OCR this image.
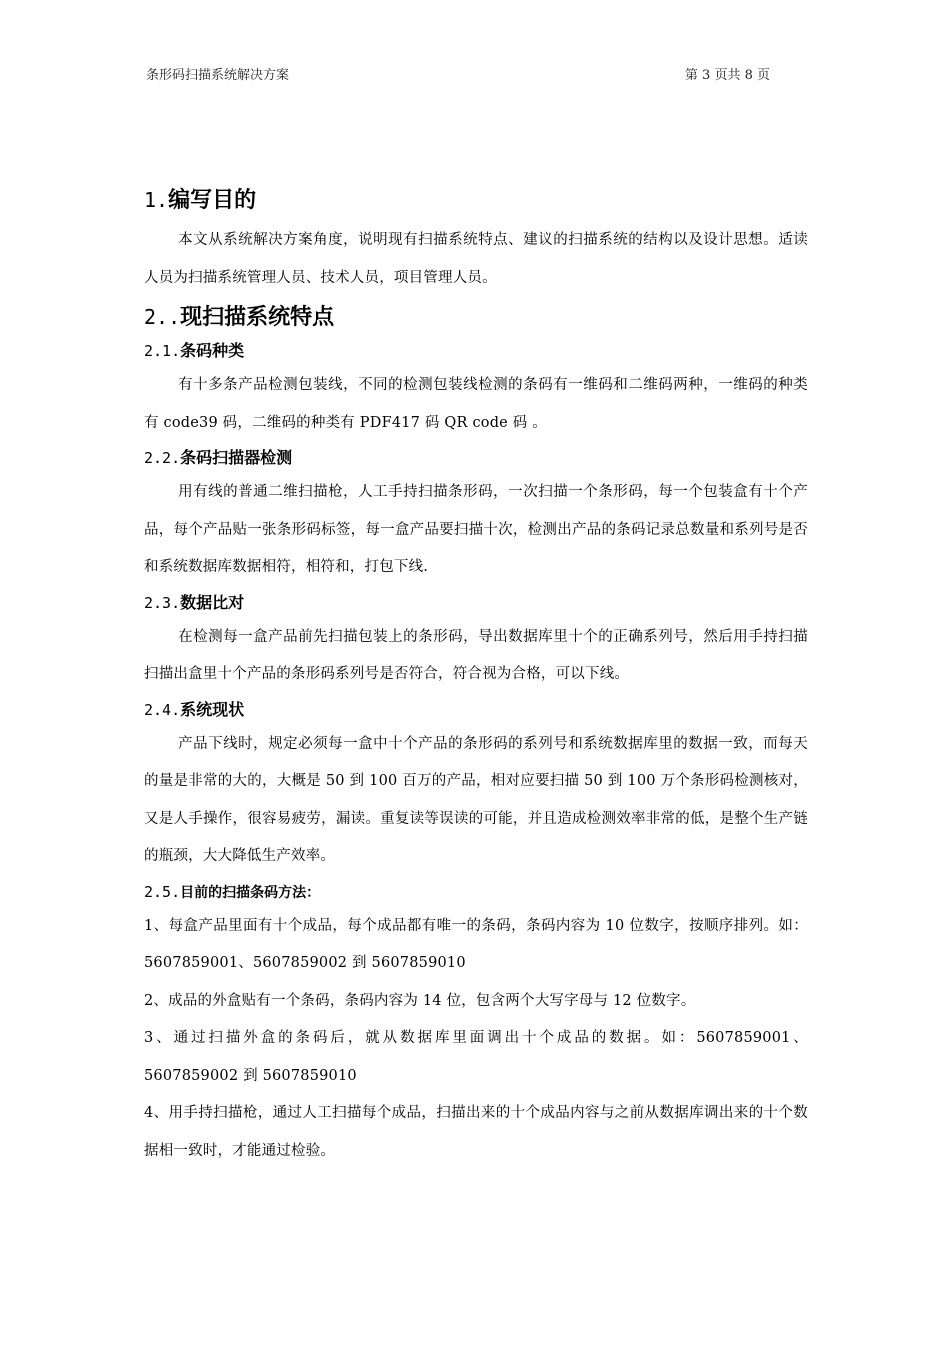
条形码扫描系统解决方案	第 3 页共 8 页
1.编写目的

本文从系统解决方案角度，说明现有扫描系统特点、建议的扫描系统的结构以及设计思想。适读人员为扫描系统管理人员、技术人员，项目管理人员。

2..现扫描系统特点
2.1.条码种类

有十多条产品检测包装线，不同的检测包装线检测的条码有一维码和二维码两种，一维码的种类有 code39 码，二维码的种类有 PDF417 码 QR code 码 。

2.2.条码扫描器检测

用有线的普通二维扫描枪，人工手持扫描条形码，一次扫描一个条形码，每一个包装盒有十个产品，每个产品贴一张条形码标签，每一盒产品要扫描十次，检测出产品的条码记录总数量和系列号是否和系统数据库数据相符，相符和，打包下线.

2.3.数据比对

在检测每一盒产品前先扫描包装上的条形码，导出数据库里十个的正确系列号，然后用手持扫描扫描出盒里十个产品的条形码系列号是否符合，符合视为合格，可以下线。

2.4.系统现状

产品下线时，规定必须每一盒中十个产品的条形码的系列号和系统数据库里的数据一致，而每天的量是非常的大的，大概是 50 到 100 百万的产品，相对应要扫描 50 到 100 万个条形码检测核对，又是人手操作，很容易疲劳，漏读。重复读等误读的可能，并且造成检测效率非常的低，是整个生产链的瓶颈，大大降低生产效率。

2.5.目前的扫描条码方法：

1、每盒产品里面有十个成品，每个成品都有唯一的条码，条码内容为 10 位数字，按顺序排列。如：5607859001、5607859002 到 5607859010

2、成品的外盒贴有一个条码，条码内容为 14 位，包含两个大写字母与 12 位数字。

3、通过扫描外盒的条码后，就从数据库里面调出十个成品的数据。如：5607859001、5607859002 到 5607859010

4、用手持扫描枪，通过人工扫描每个成品，扫描出来的十个成品内容与之前从数据库调出来的十个数据相一致时，才能通过检验。
